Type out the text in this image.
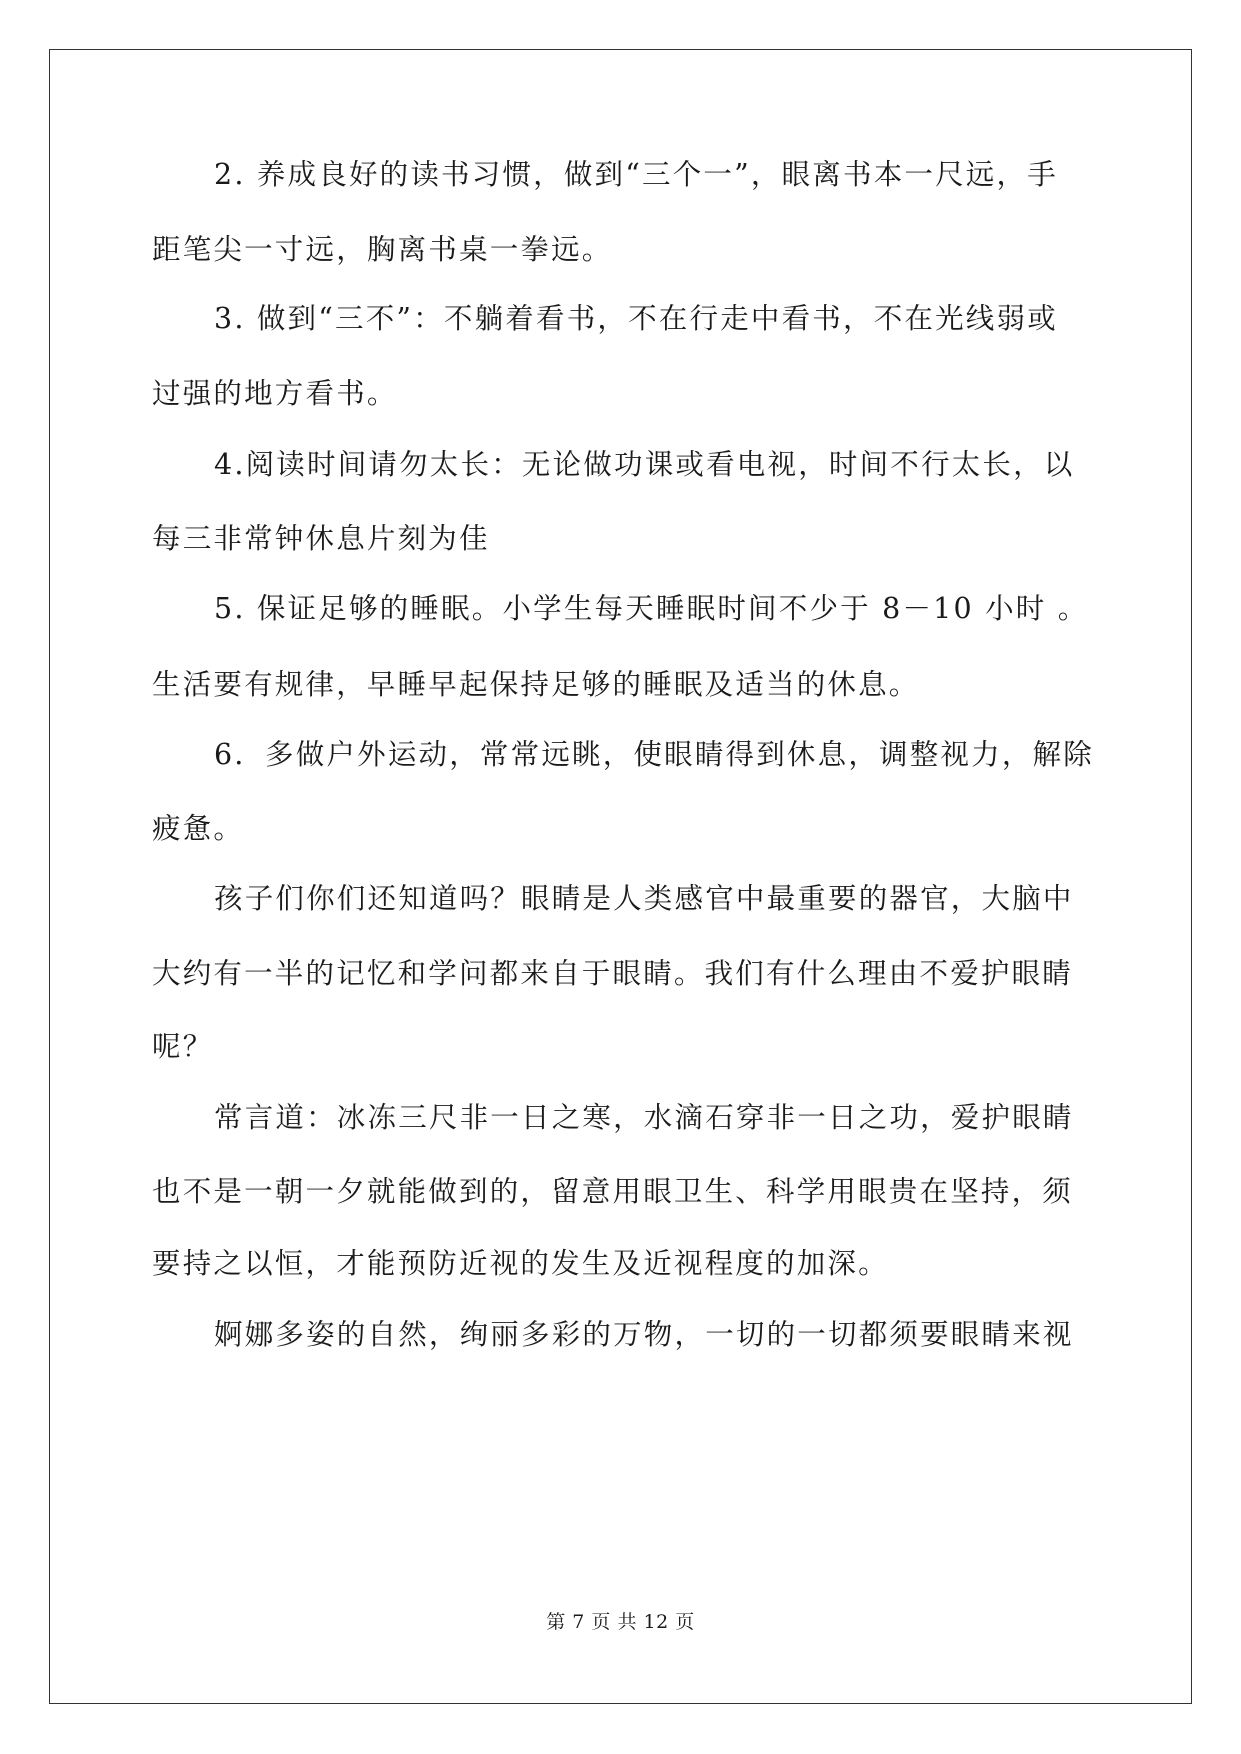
2. 养成良好的读书习惯，做到“三个一”，眼离书本一尺远，手
距笔尖一寸远，胸离书桌一拳远。
3. 做到“三不”：不躺着看书，不在行走中看书，不在光线弱或
过强的地方看书。
4.阅读时间请勿太长：无论做功课或看电视，时间不行太长，以
每三非常钟休息片刻为佳
5. 保证足够的睡眠。小学生每天睡眠时间不少于 8－10 小时 。
生活要有规律，早睡早起保持足够的睡眠及适当的休息。
6．多做户外运动，常常远眺，使眼睛得到休息，调整视力，解除
疲惫。
孩子们你们还知道吗？眼睛是人类感官中最重要的器官，大脑中
大约有一半的记忆和学问都来自于眼睛。我们有什么理由不爱护眼睛
呢？
常言道：冰冻三尺非一日之寒，水滴石穿非一日之功，爱护眼睛
也不是一朝一夕就能做到的，留意用眼卫生、科学用眼贵在坚持，须
要持之以恒，才能预防近视的发生及近视程度的加深。
婀娜多姿的自然，绚丽多彩的万物，一切的一切都须要眼睛来视
第 7 页 共 12 页
